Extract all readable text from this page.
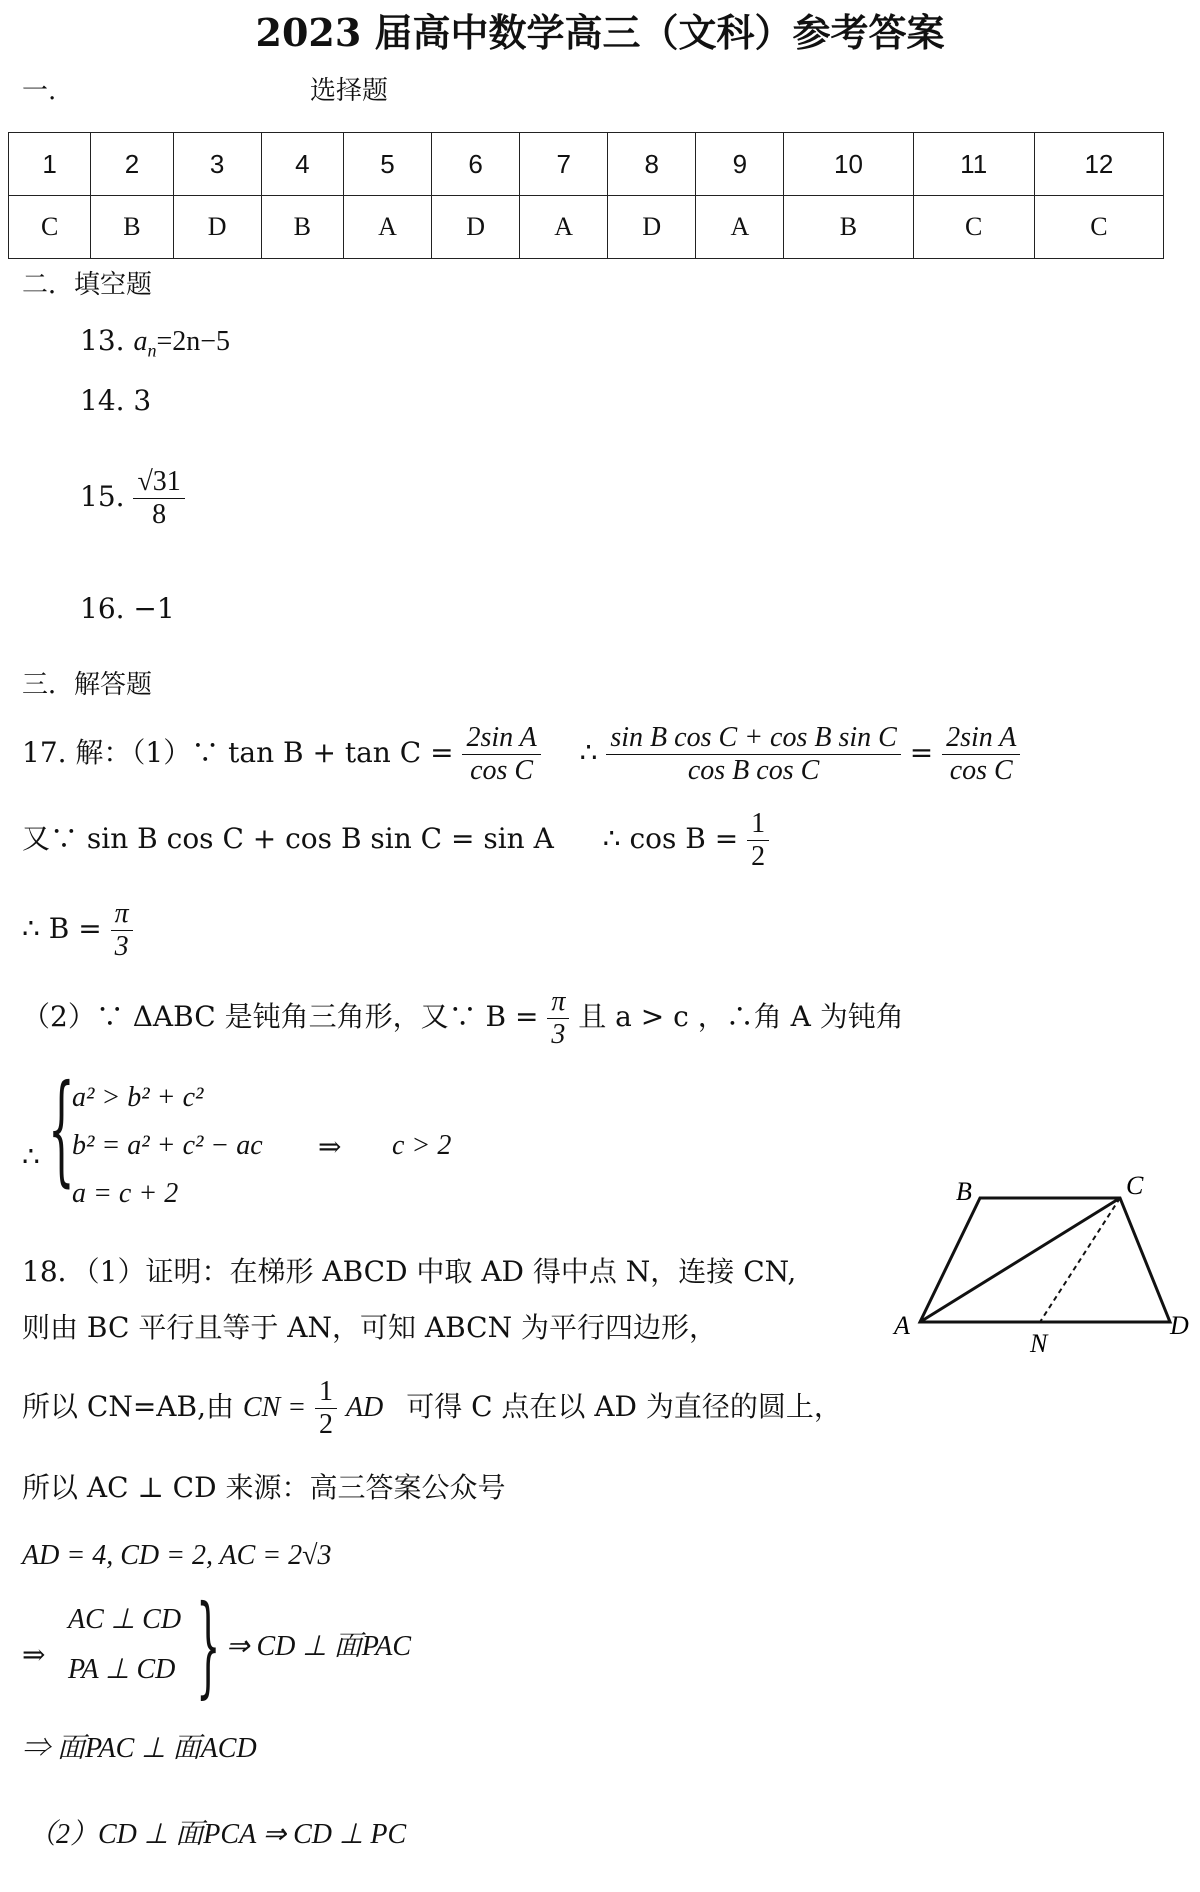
2023 届高中数学高三（文科）参考答案
一.	选择题
1	2	3	4	5	6	7	8	9	10	11	12
C	B	D	B	A	D	A	D	A	B	C	C
二．填空题
13. $a_n=2n-5$
14. 3
15. $\frac{√31}{8}$
16. −1
三．解答题
17. 解：（1）∵ $\tan B + \tan C = \frac{\text{2sin A}}{\text{cos C}}$ ∴ $\frac{\text{sin B cos C + cos B sin C}}{\text{cos B cos C}} = \frac{\text{2sin A}}{\text{cos C}}$
又∵ sin B cos C + cos B sin C = sin A ∴ $\cos B = \frac{1}{2}$
∴ $B = \frac{\pi}{3}$
（2）∵ ΔABC 是钝角三角形，又∵ $B = \frac{\pi}{3}$ 且 a > c ，∴角 A 为钝角
∴ {
a² > b² + c²
b² = a² + c² − ac
a = c + 2
⇒ c > 2
B	C
A
N
D
18．（1）证明：在梯形 ABCD 中取 AD 得中点 N，连接 CN,
则由 BC 平行且等于 AN，可知 ABCN 为平行四边形，
所以 CN=AB,由 CN = $\frac{1}{2}$ AD 可得 C 点在以 AD 为直径的圆上，
所以 AC ⊥ CD 来源：高三答案公众号
AD = 4, CD = 2, AC = 2√3
⇒
AC ⊥ CD
PA ⊥ CD } ⇒ CD ⊥ 面PAC
⇒ 面PAC ⊥ 面ACD
（2）CD ⊥ 面PCA ⇒ CD ⊥ PC
